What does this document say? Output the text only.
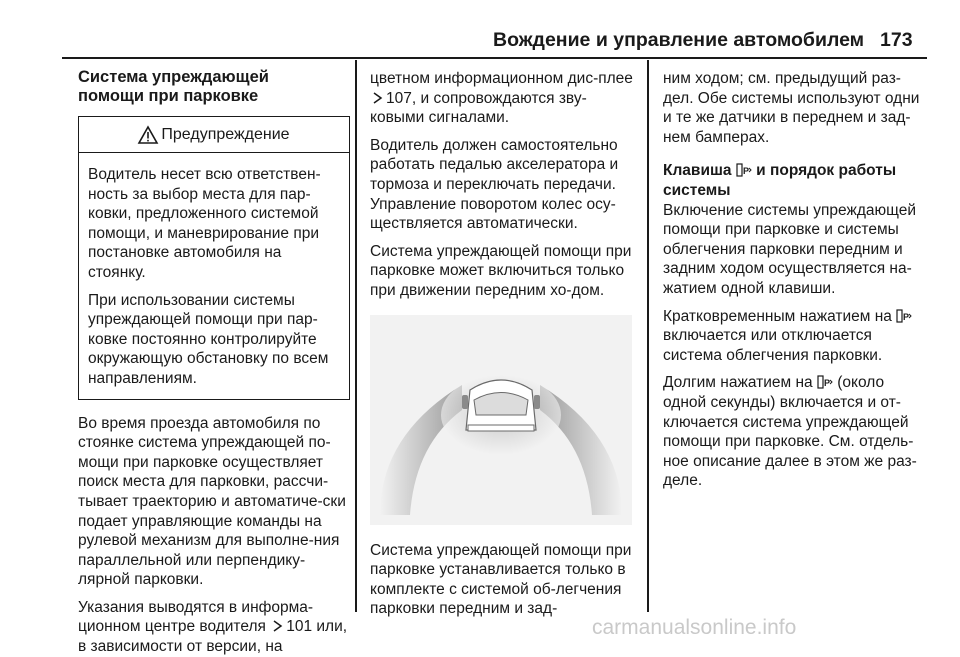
Вождение и управление автомобилем 173
Система упреждающей
помощи при парковке
Предупреждение

Водитель несет всю ответствен-ность за выбор места для пар-ковки, предложенного системой помощи, и маневрирование при постановке автомобиля на стоянку.

При использовании системы упреждающей помощи при пар-ковке постоянно контролируйте окружающую обстановку по всем направлениям.

Во время проезда автомобиля по стоянке система упреждающей по-мощи при парковке осуществляет поиск места для парковки, рассчи-тывает траекторию и автоматиче-ски подает управляющие команды на рулевой механизм для выполне-ния параллельной или перпендику-лярной парковки.

Указания выводятся в информа-ционном центре водителя 101 или, в зависимости от версии, на

цветном информационном дис-плее 107, и сопровождаются зву-ковыми сигналами.

Водитель должен самостоятельно работать педалью акселератора и тормоза и переключать передачи. Управление поворотом колес осу-ществляется автоматически.

Система упреждающей помощи при парковке может включиться только при движении передним хо-дом.

Система упреждающей помощи при парковке устанавливается только в комплекте с системой об-легчения парковки передним и зад-

ним ходом; см. предыдущий раз-дел. Обе системы используют одни и те же датчики в переднем и зад-нем бамперах.

Клавиша P и порядок работы системы

Включение системы упреждающей помощи при парковке и системы облегчения парковки передним и задним ходом осуществляется на-жатием одной клавиши.

Кратковременным нажатием на P
включается или отключается система облегчения парковки.

Долгим нажатием на P (около одной секунды) включается и от-ключается система упреждающей помощи при парковке. См. отдель-ное описание далее в этом же раз-деле.

carmanualsonline.info
